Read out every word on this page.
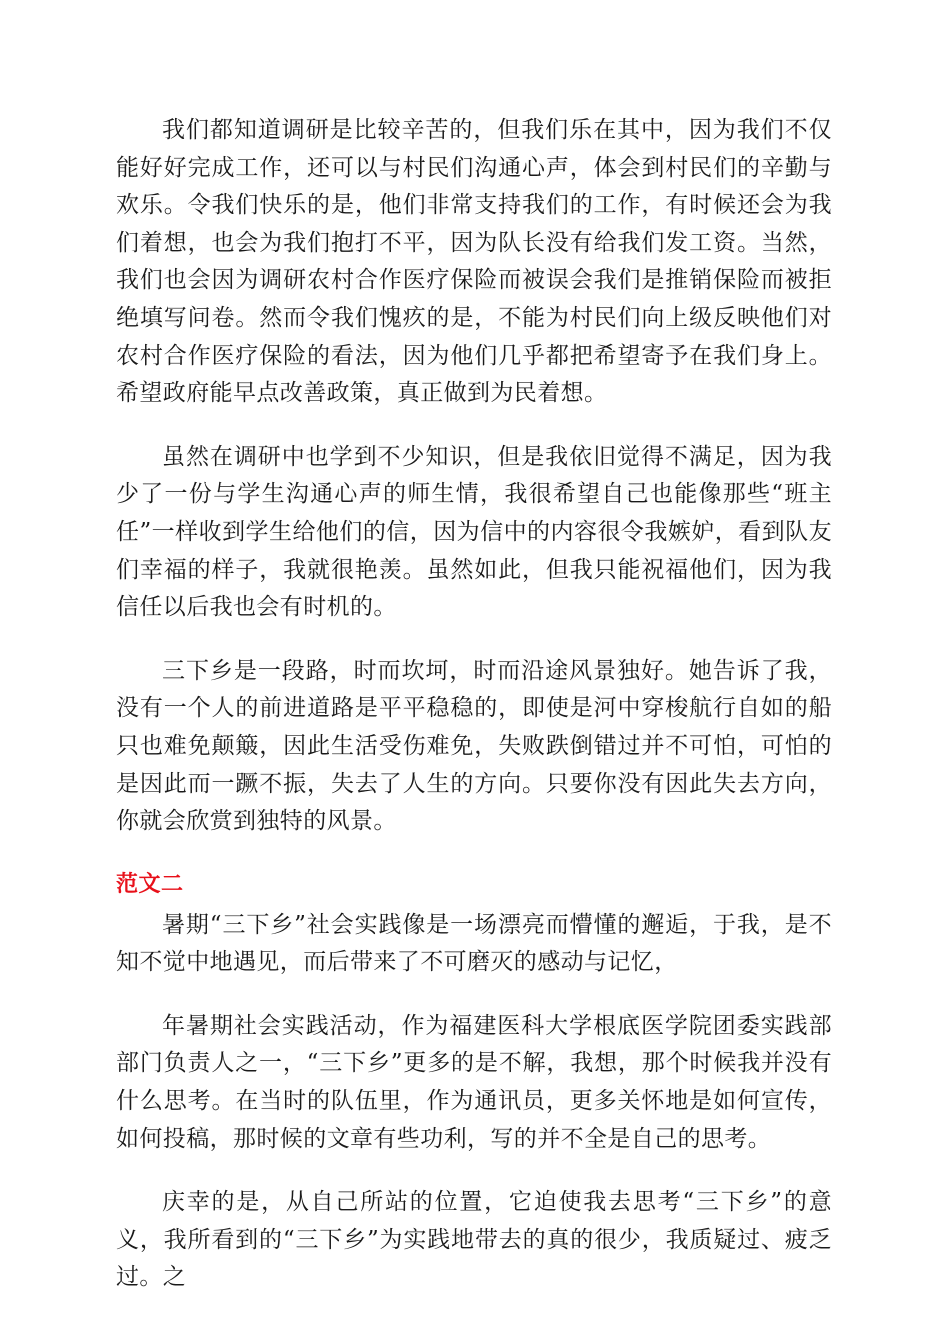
我们都知道调研是比较辛苦的，但我们乐在其中，因为我们不仅能好好完成工作，还可以与村民们沟通心声，体会到村民们的辛勤与欢乐。令我们快乐的是，他们非常支持我们的工作，有时候还会为我们着想，也会为我们抱打不平，因为队长没有给我们发工资。当然，我们也会因为调研农村合作医疗保险而被误会我们是推销保险而被拒绝填写问卷。然而令我们愧疚的是，不能为村民们向上级反映他们对农村合作医疗保险的看法，因为他们几乎都把希望寄予在我们身上。希望政府能早点改善政策，真正做到为民着想。

虽然在调研中也学到不少知识，但是我依旧觉得不满足，因为我少了一份与学生沟通心声的师生情，我很希望自己也能像那些“班主任”一样收到学生给他们的信，因为信中的内容很令我嫉妒，看到队友们幸福的样子，我就很艳羡。虽然如此，但我只能祝福他们，因为我信任以后我也会有时机的。

三下乡是一段路，时而坎坷，时而沿途风景独好。她告诉了我，没有一个人的前进道路是平平稳稳的，即使是河中穿梭航行自如的船只也难免颠簸，因此生活受伤难免，失败跌倒错过并不可怕，可怕的是因此而一蹶不振，失去了人生的方向。只要你没有因此失去方向，你就会欣赏到独特的风景。

范文二

暑期“三下乡”社会实践像是一场漂亮而懵懂的邂逅，于我，是不知不觉中地遇见，而后带来了不可磨灭的感动与记忆，

年暑期社会实践活动，作为福建医科大学根底医学院团委实践部部门负责人之一，“三下乡”更多的是不解，我想，那个时候我并没有什么思考。在当时的队伍里，作为通讯员，更多关怀地是如何宣传，如何投稿，那时候的文章有些功利，写的并不全是自己的思考。

庆幸的是，从自己所站的位置，它迫使我去思考“三下乡”的意义，我所看到的“三下乡”为实践地带去的真的很少，我质疑过、疲乏过。之
